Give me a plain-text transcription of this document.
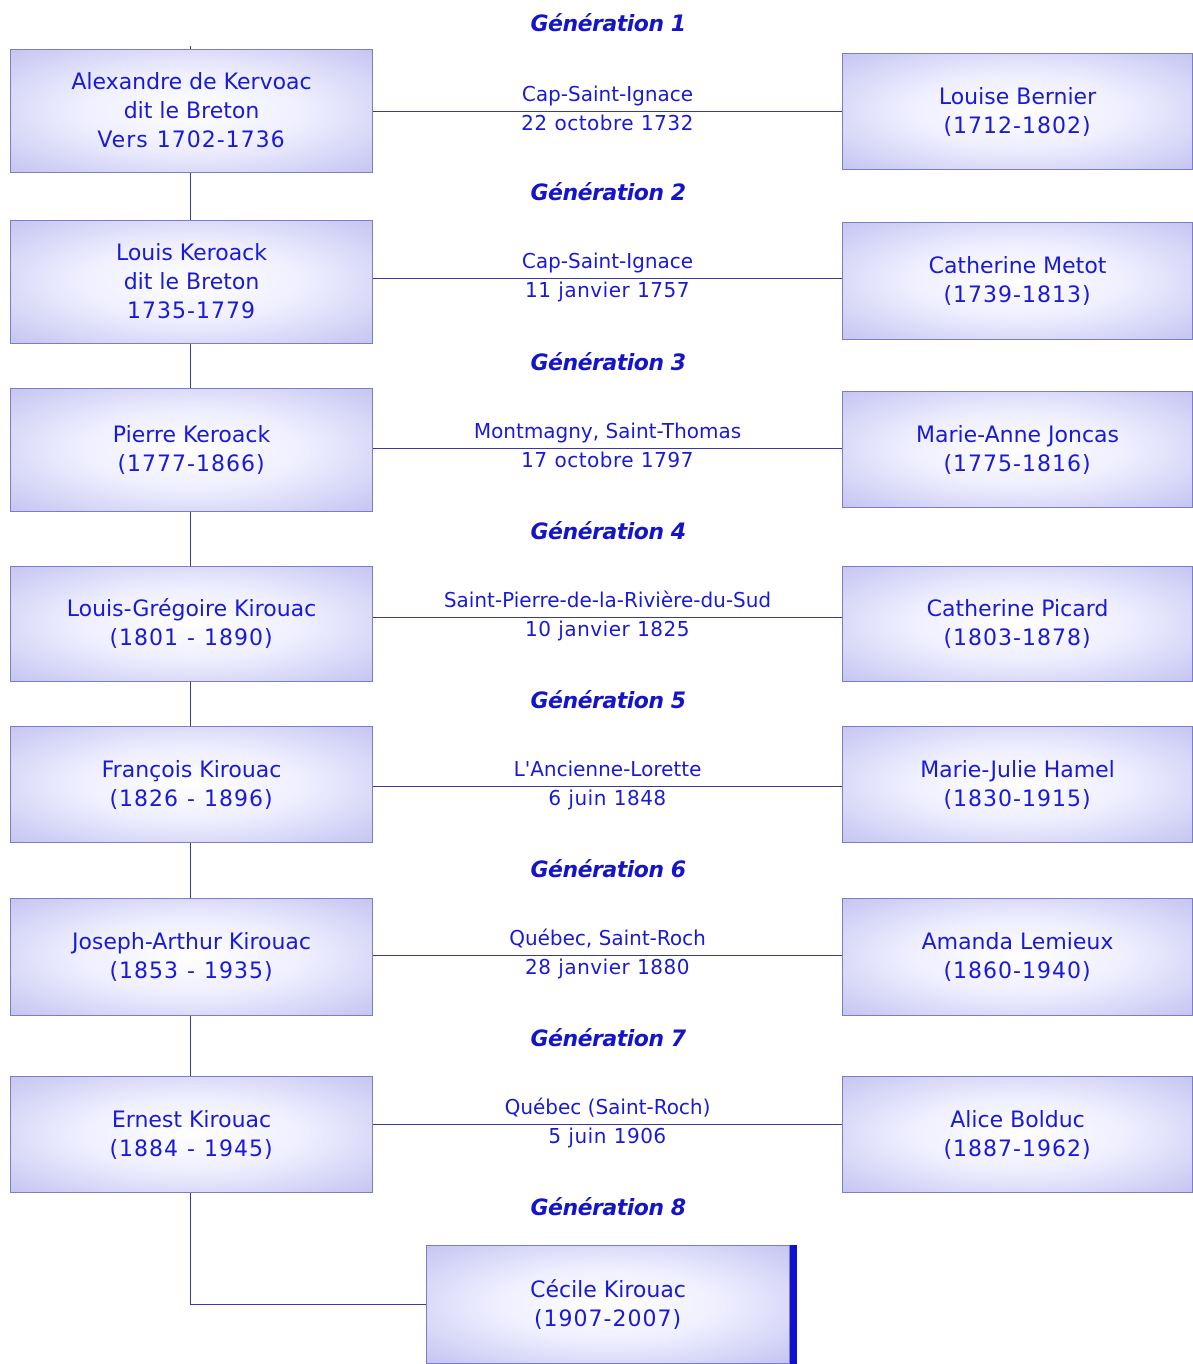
Génération 1
Cap-Saint-Ignace
22 octobre 1732
Alexandre de Kervoac
dit le Breton
Vers 1702-1736
Louise Bernier
(1712-1802)
Génération 2
Cap-Saint-Ignace
11 janvier 1757
Louis Keroack
dit le Breton
1735-1779
Catherine Metot
(1739-1813)
Génération 3
Montmagny, Saint-Thomas
17 octobre 1797
Pierre Keroack
(1777-1866)
Marie-Anne Joncas
(1775-1816)
Génération 4
Saint-Pierre-de-la-Rivière-du-Sud
10 janvier 1825
Louis-Grégoire Kirouac
(1801 - 1890)
Catherine Picard
(1803-1878)
Génération 5
L'Ancienne-Lorette
6 juin 1848
François Kirouac
(1826 - 1896)
Marie-Julie Hamel
(1830-1915)
Génération 6
Québec, Saint-Roch
28 janvier 1880
Joseph-Arthur Kirouac
(1853 - 1935)
Amanda Lemieux
(1860-1940)
Génération 7
Québec (Saint-Roch)
5 juin 1906
Ernest Kirouac
(1884 - 1945)
Alice Bolduc
(1887-1962)
Génération 8
Cécile Kirouac
(1907-2007)
